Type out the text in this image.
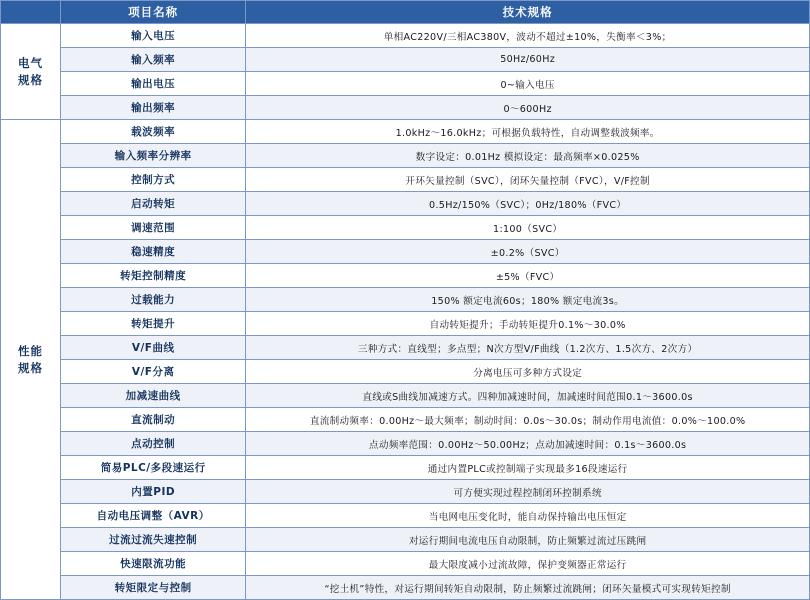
	项目名称	技术规格
电气
规格	输入电压	单相AC220V/三相AC380V，波动不超过±10%，失衡率＜3%；
	输入频率	50Hz/60Hz
	输出电压	0~输入电压
	输出频率	0～600Hz
性能
规格	载波频率	1.0kHz～16.0kHz；可根据负载特性，自动调整载波频率。
	输入频率分辨率	数字设定：0.01Hz 模拟设定：最高频率×0.025%
	控制方式	开环矢量控制（SVC），闭环矢量控制（FVC），V/F控制
	启动转矩	0.5Hz/150%（SVC）；0Hz/180%（FVC）
	调速范围	1:100（SVC）
	稳速精度	±0.2%（SVC）
	转矩控制精度	±5%（FVC）
	过载能力	150% 额定电流60s；180% 额定电流3s。
	转矩提升	自动转矩提升；手动转矩提升0.1%～30.0%
	V/F曲线	三种方式：直线型；多点型；N次方型V/F曲线（1.2次方、1.5次方、2次方）
	V/F分离	分离电压可多种方式设定
	加减速曲线	直线或S曲线加减速方式。四种加减速时间，加减速时间范围0.1～3600.0s
	直流制动	直流制动频率：0.00Hz～最大频率；制动时间：0.0s～30.0s；制动作用电流值：0.0%～100.0%
	点动控制	点动频率范围：0.00Hz～50.00Hz；点动加减速时间：0.1s～3600.0s
	简易PLC/多段速运行	通过内置PLC或控制端子实现最多16段速运行
	内置PID	可方便实现过程控制闭环控制系统
	自动电压调整（AVR）	当电网电压变化时，能自动保持输出电压恒定
	过流过流失速控制	对运行期间电流电压自动限制，防止频繁过流过压跳闸
	快速限流功能	最大限度减小过流故障，保护变频器正常运行
	转矩限定与控制	“挖土机”特性，对运行期间转矩自动限制，防止频繁过流跳闸；闭环矢量模式可实现转矩控制
